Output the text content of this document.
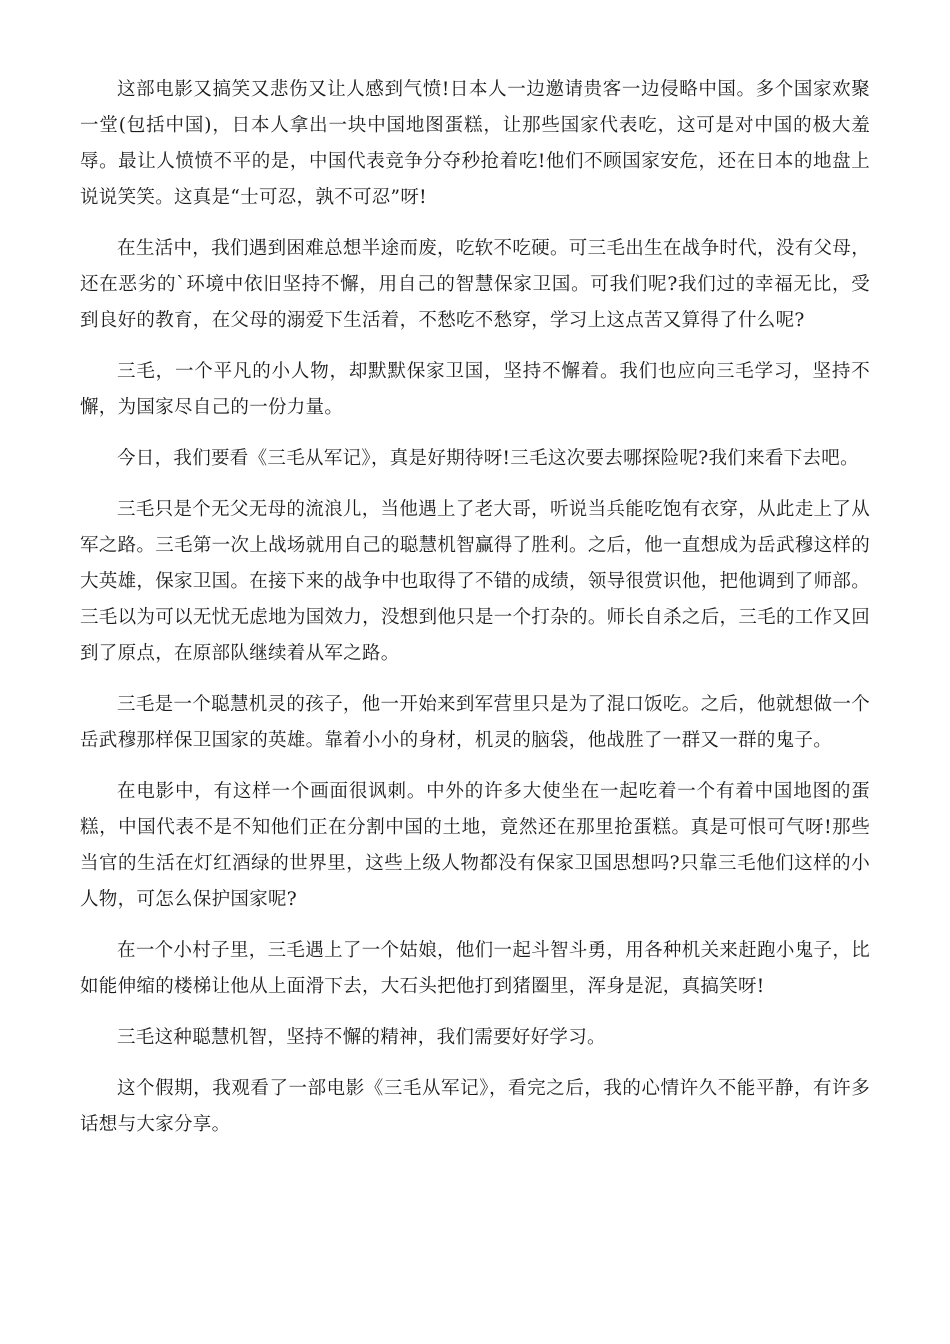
这部电影又搞笑又悲伤又让人感到气愤!日本人一边邀请贵客一边侵略中国。多个国家欢聚一堂(包括中国)，日本人拿出一块中国地图蛋糕，让那些国家代表吃，这可是对中国的极大羞辱。最让人愤愤不平的是，中国代表竞争分夺秒抢着吃!他们不顾国家安危，还在日本的地盘上说说笑笑。这真是“士可忍，孰不可忍”呀!

在生活中，我们遇到困难总想半途而废，吃软不吃硬。可三毛出生在战争时代，没有父母，还在恶劣的`环境中依旧坚持不懈，用自己的智慧保家卫国。可我们呢?我们过的幸福无比，受到良好的教育，在父母的溺爱下生活着，不愁吃不愁穿，学习上这点苦又算得了什么呢?

三毛，一个平凡的小人物，却默默保家卫国，坚持不懈着。我们也应向三毛学习，坚持不懈，为国家尽自己的一份力量。

今日，我们要看《三毛从军记》，真是好期待呀!三毛这次要去哪探险呢?我们来看下去吧。

三毛只是个无父无母的流浪儿，当他遇上了老大哥，听说当兵能吃饱有衣穿，从此走上了从军之路。三毛第一次上战场就用自己的聪慧机智赢得了胜利。之后，他一直想成为岳武穆这样的大英雄，保家卫国。在接下来的战争中也取得了不错的成绩，领导很赏识他，把他调到了师部。三毛以为可以无忧无虑地为国效力，没想到他只是一个打杂的。师长自杀之后，三毛的工作又回到了原点，在原部队继续着从军之路。

三毛是一个聪慧机灵的孩子，他一开始来到军营里只是为了混口饭吃。之后，他就想做一个岳武穆那样保卫国家的英雄。靠着小小的身材，机灵的脑袋，他战胜了一群又一群的鬼子。

在电影中，有这样一个画面很讽刺。中外的许多大使坐在一起吃着一个有着中国地图的蛋糕，中国代表不是不知他们正在分割中国的土地，竟然还在那里抢蛋糕。真是可恨可气呀!那些当官的生活在灯红酒绿的世界里，这些上级人物都没有保家卫国思想吗?只靠三毛他们这样的小人物，可怎么保护国家呢?

在一个小村子里，三毛遇上了一个姑娘，他们一起斗智斗勇，用各种机关来赶跑小鬼子，比如能伸缩的楼梯让他从上面滑下去，大石头把他打到猪圈里，浑身是泥，真搞笑呀!

三毛这种聪慧机智，坚持不懈的精神，我们需要好好学习。

这个假期，我观看了一部电影《三毛从军记》，看完之后，我的心情许久不能平静，有许多话想与大家分享。
